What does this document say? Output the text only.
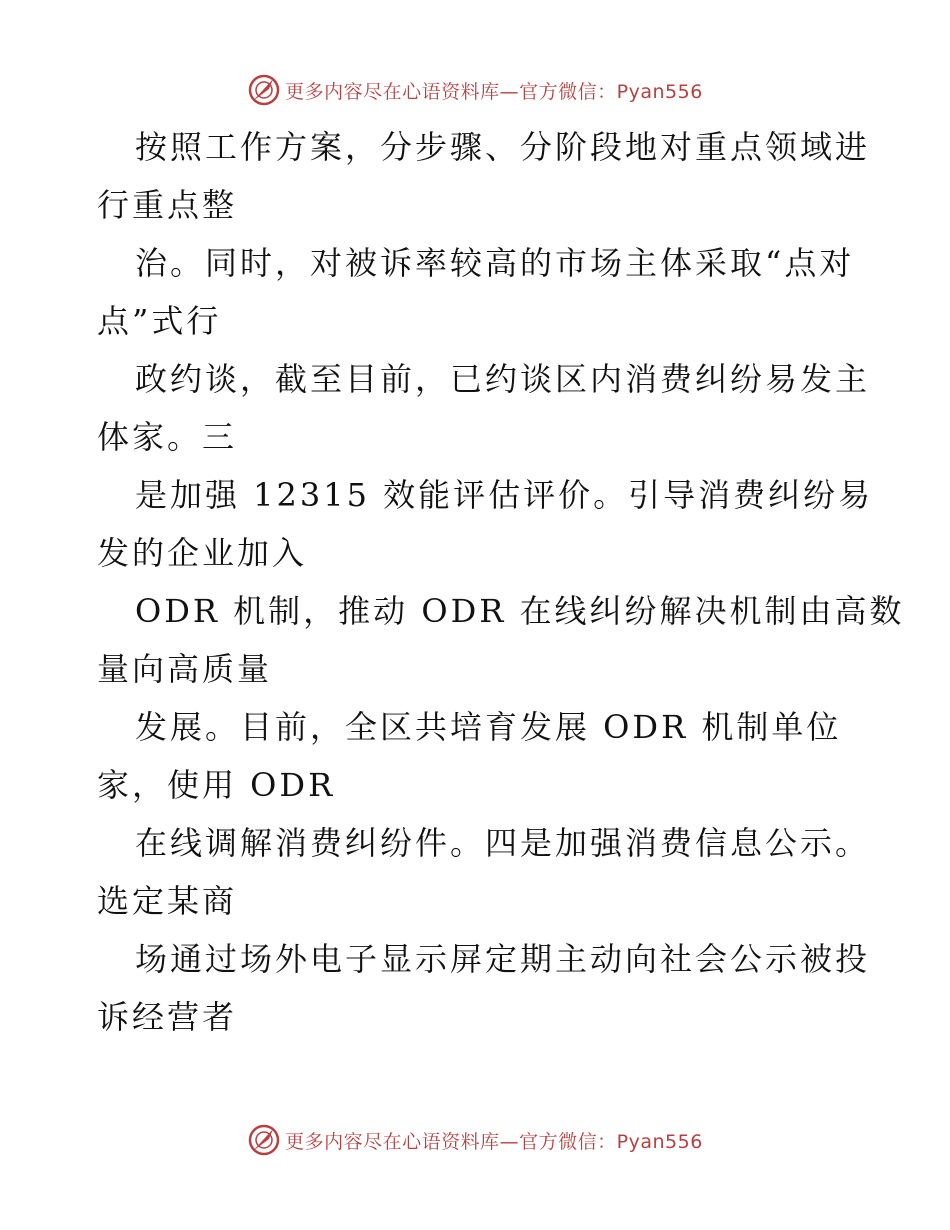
更多内容尽在心语资料库—官方微信：Pyan556
按照工作方案，分步骤、分阶段地对重点领域进
行重点整
治。同时，对被诉率较高的市场主体采取“点对
点”式行
政约谈，截至目前，已约谈区内消费纠纷易发主
体家。三
是加强 12315 效能评估评价。引导消费纠纷易
发的企业加入
ODR 机制，推动 ODR 在线纠纷解决机制由高数
量向高质量
发展。目前，全区共培育发展 ODR 机制单位
家，使用 ODR
在线调解消费纠纷件。四是加强消费信息公示。
选定某商
场通过场外电子显示屏定期主动向社会公示被投
诉经营者
更多内容尽在心语资料库—官方微信：Pyan556
